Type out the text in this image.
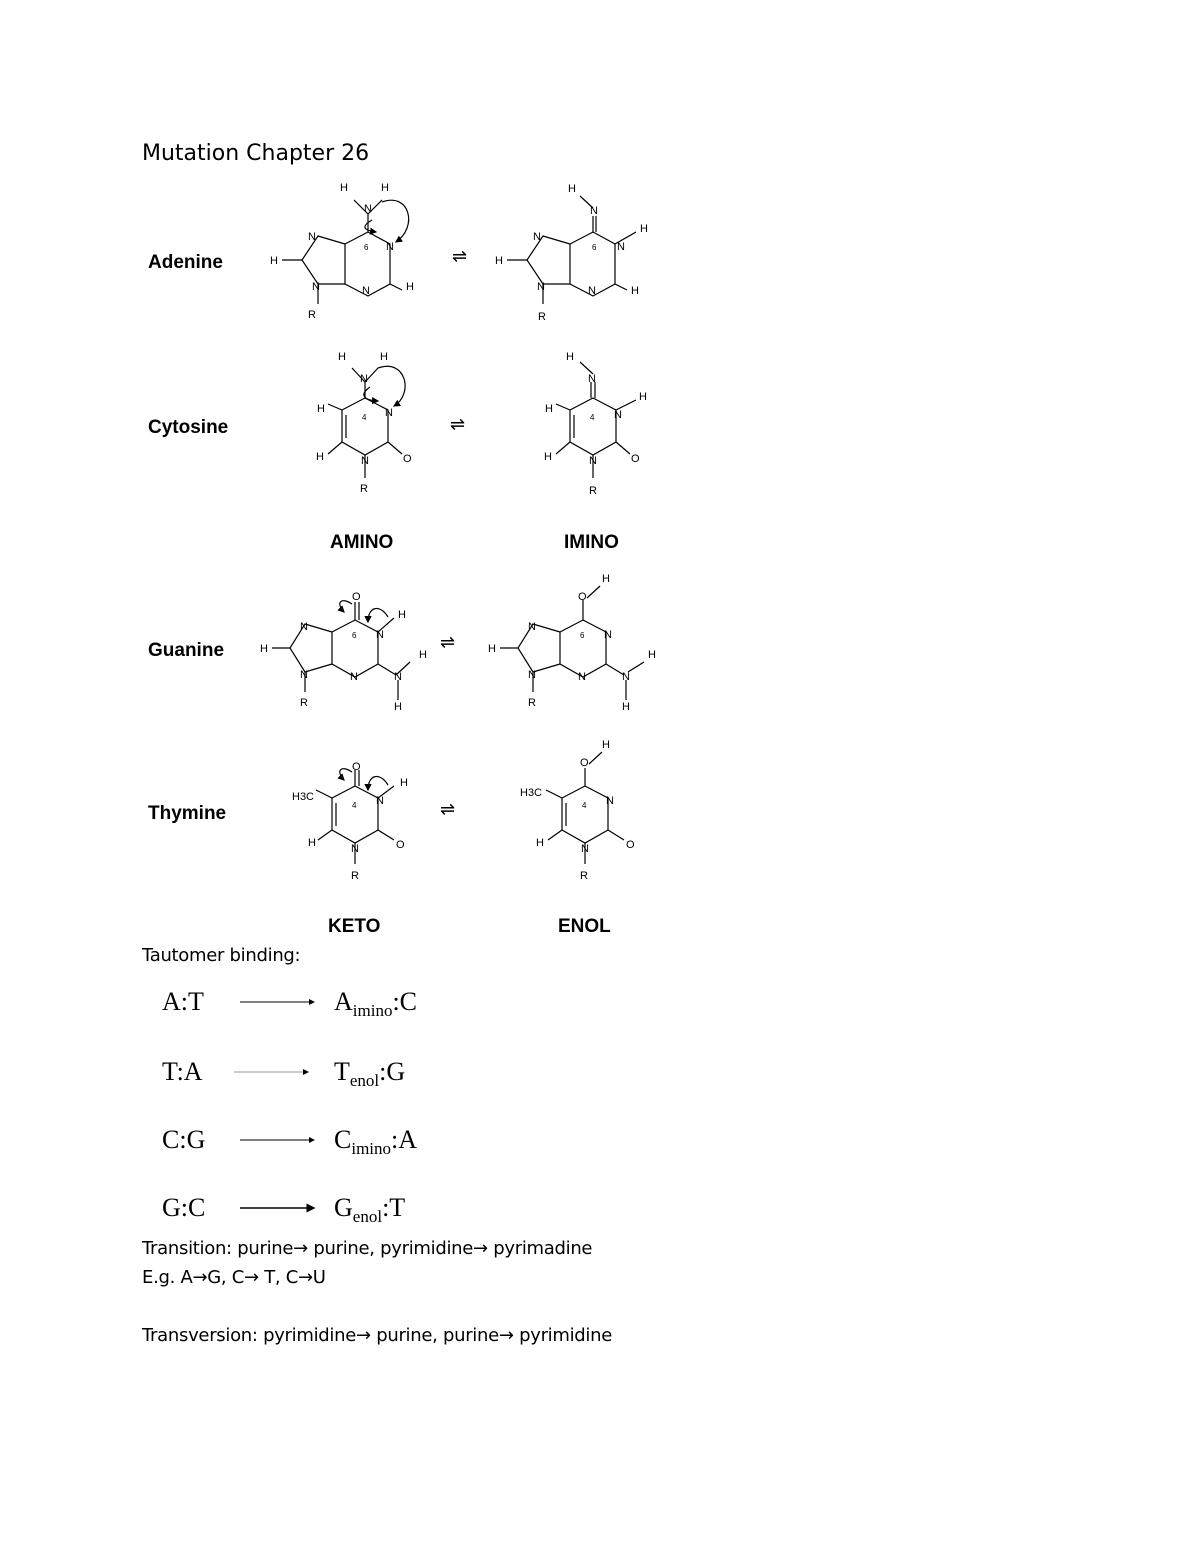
Mutation Chapter 26
Adenine
Cytosine
Guanine
Thymine
AMINO	IMINO
KETO	ENOL
⇌
⇌
⇌
⇌
H	H
N
N
N
H
N	N	H
R
6
H
N
H
N
N
H
N	N	H
R
6
H	H
N
H	N
H	N	O
R
4
H
N
H
H	N
H	N	O
R
4
O
H
N
N
H	H
N	N	N
R	H
6
H
O
N
N
H	H
N	N	N
R	H
6
O
H
H3C	N
H	N	O
R
4
H
O
H3C
N
H	N	O
R
4
Tautomer binding:
A:T	$A_{imino}:C$
T:A	$T_{enol}:G$
C:G	$C_{imino}:A$
G:C	$G_{enol}:T$
Transition: purine→ purine, pyrimidine→ pyrimadine
E.g. A→G, C→ T, C→U
Transversion: pyrimidine→ purine, purine→ pyrimidine
